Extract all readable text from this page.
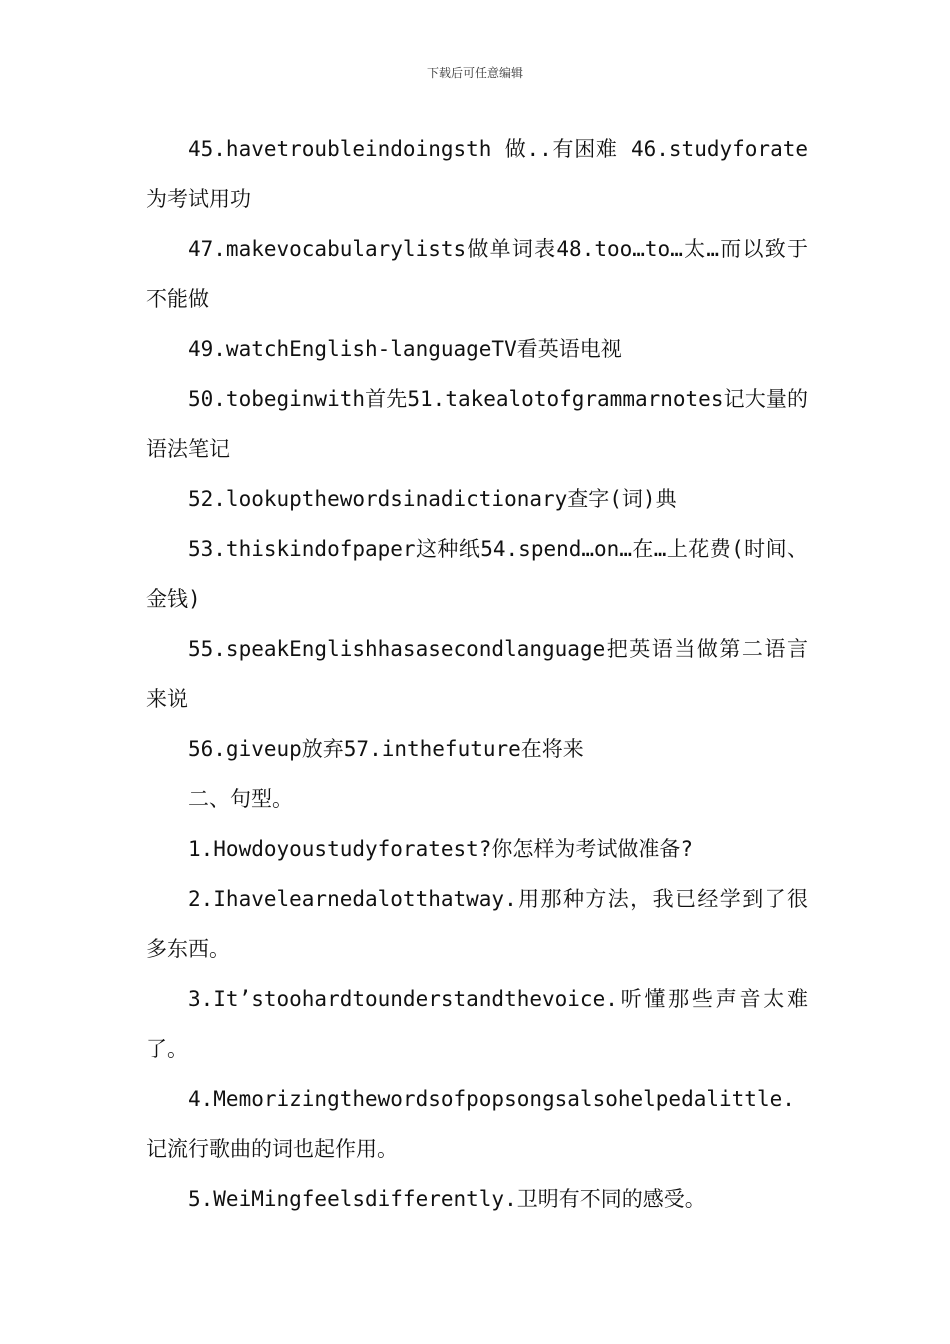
下载后可任意编辑

45.havetroubleindoingsth 做..有困难 46.studyforate为考试用功

47.makevocabularylists做单词表48.too…to…太…而以致于不能做

49.watchEnglish-languageTV看英语电视

50.tobeginwith首先51.takealotofgrammarnotes记大量的语法笔记

52.lookupthewordsinadictionary查字(词)典

53.thiskindofpaper这种纸54.spend…on…在…上花费(时间、金钱)

55.speakEnglishhasasecondlanguage把英语当做第二语言来说

56.giveup放弃57.inthefuture在将来

二、句型。

1.Howdoyoustudyforatest?你怎样为考试做准备?

2.Ihavelearnedalotthatway.用那种方法，我已经学到了很多东西。

3.It’stoohardtounderstandthevoice.听懂那些声音太难了。

4.Memorizingthewordsofpopsongsalsohelpedalittle.记流行歌曲的词也起作用。

5.WeiMingfeelsdifferently.卫明有不同的感受。
